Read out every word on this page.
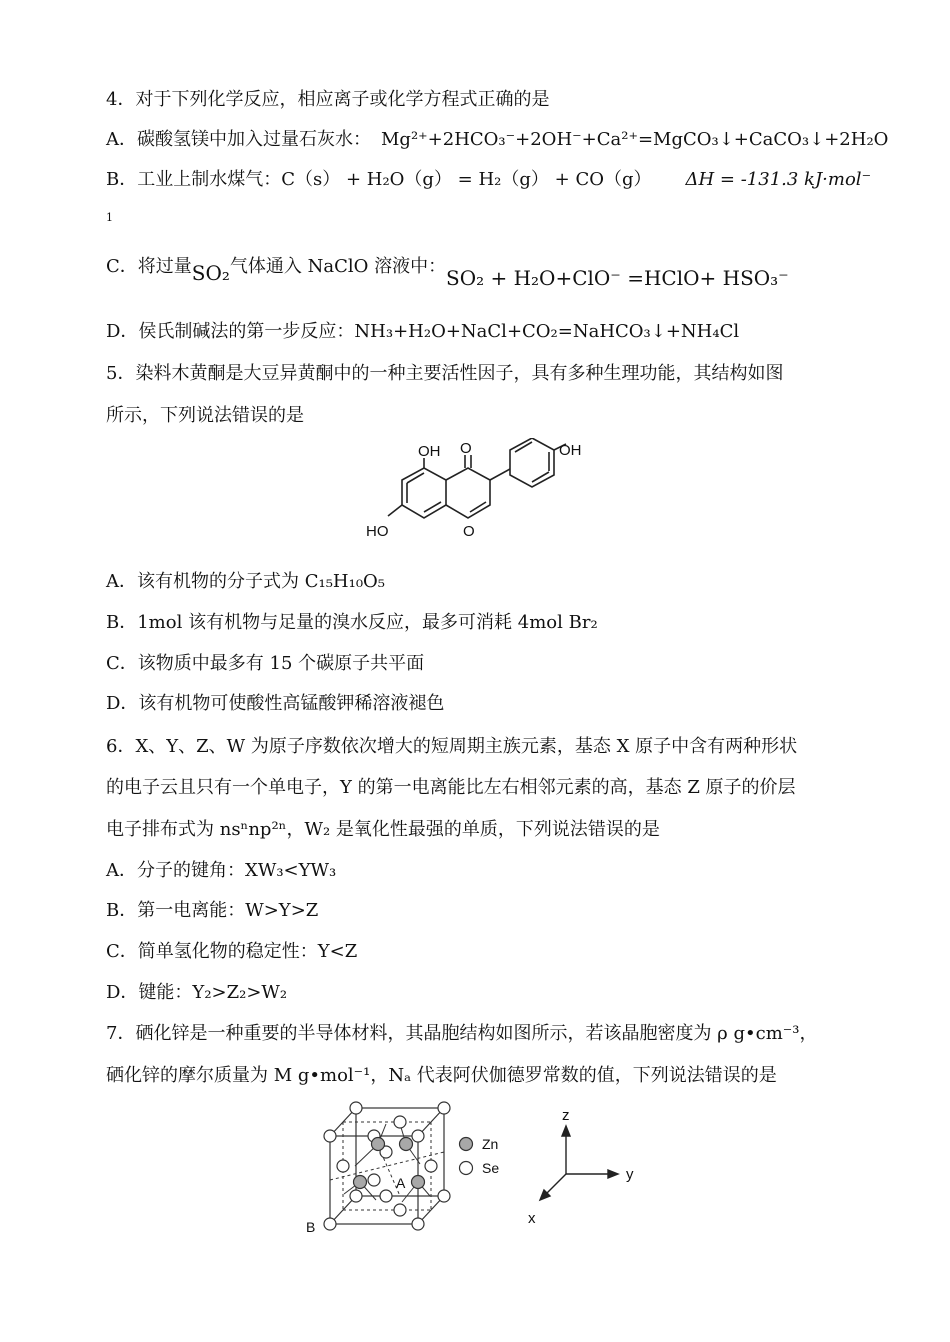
4．对于下列化学反应，相应离子或化学方程式正确的是
A．碳酸氢镁中加入过量石灰水： Mg²⁺+2HCO₃⁻+2OH⁻+Ca²⁺=MgCO₃↓+CaCO₃↓+2H₂O
B．工业上制水煤气：C（s） + H₂O（g） = H₂（g） + CO（g） ΔH = -131.3 kJ·mol⁻
1
C．将过量SO₂气体通入 NaClO 溶液中： SO₂ + H₂O+ClO⁻ =HClO+ HSO₃⁻
D．侯氏制碱法的第一步反应：NH₃+H₂O+NaCl+CO₂=NaHCO₃↓+NH₄Cl
5．染料木黄酮是大豆异黄酮中的一种主要活性因子，具有多种生理功能，其结构如图
所示，下列说法错误的是
OH O	OH
HO	O
A．该有机物的分子式为 C₁₅H₁₀O₅
B．1mol 该有机物与足量的溴水反应，最多可消耗 4mol Br₂
C．该物质中最多有 15 个碳原子共平面
D．该有机物可使酸性高锰酸钾稀溶液褪色
6．X、Y、Z、W 为原子序数依次增大的短周期主族元素，基态 X 原子中含有两种形状
的电子云且只有一个单电子，Y 的第一电离能比左右相邻元素的高，基态 Z 原子的价层
电子排布式为 nsⁿnp²ⁿ，W₂ 是氧化性最强的单质，下列说法错误的是
A．分子的键角：XW₃<YW₃
B．第一电离能：W>Y>Z
C．简单氢化物的稳定性：Y<Z
D．键能：Y₂>Z₂>W₂
7．硒化锌是一种重要的半导体材料，其晶胞结构如图所示，若该晶胞密度为 ρ g•cm⁻³，
硒化锌的摩尔质量为 M g•mol⁻¹，Nₐ 代表阿伏伽德罗常数的值，下列说法错误的是
Zn
Se
A
B
z
y
x
